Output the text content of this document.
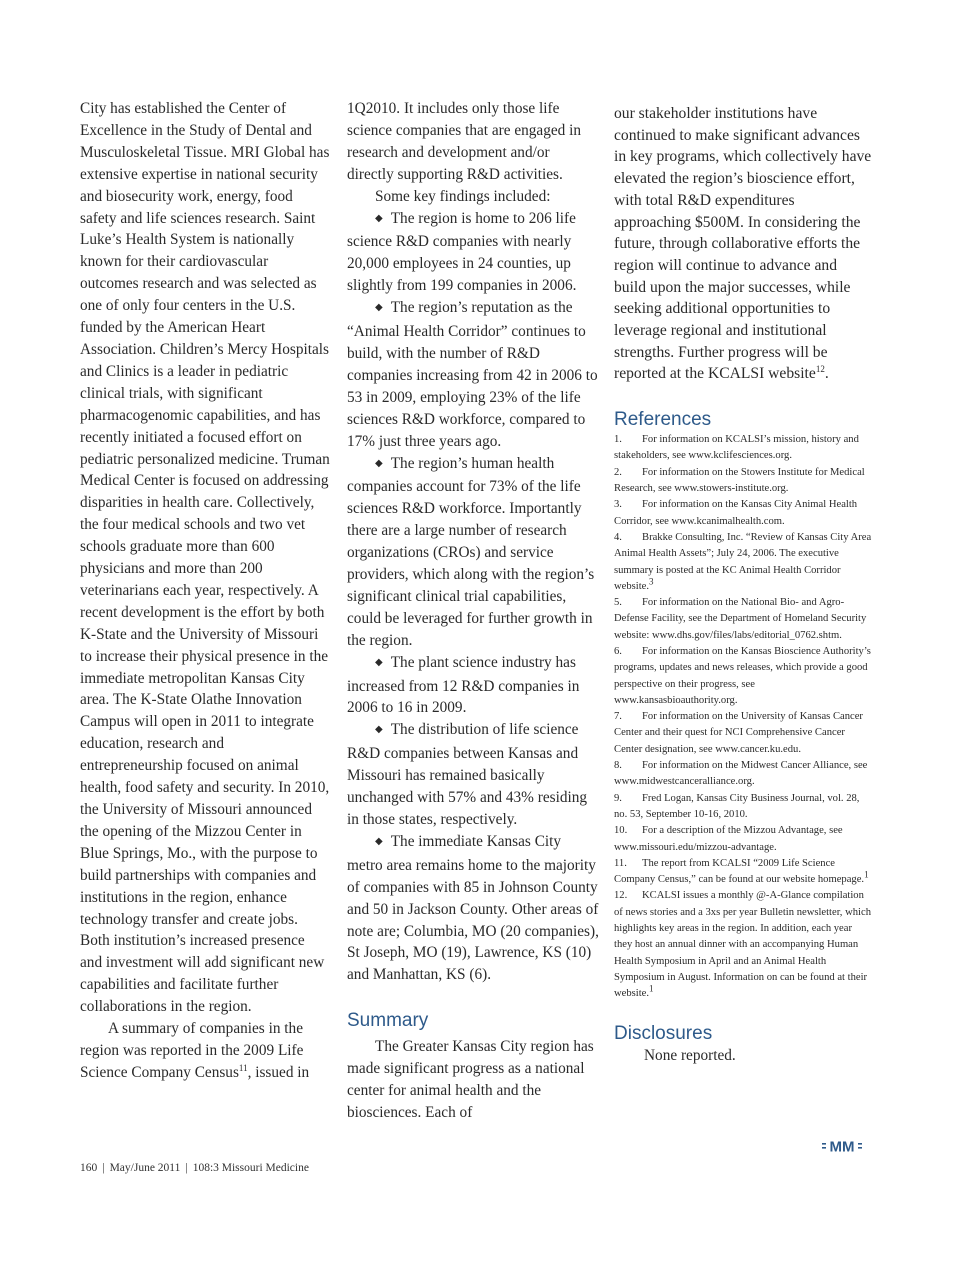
City has established the Center of Excellence in the Study of Dental and Musculoskeletal Tissue. MRI Global has extensive expertise in national security and biosecurity work, energy, food safety and life sciences research. Saint Luke’s Health System is nationally known for their cardiovascular outcomes research and was selected as one of only four centers in the U.S. funded by the American Heart Association. Children’s Mercy Hospitals and Clinics is a leader in pediatric clinical trials, with significant pharmacogenomic capabilities, and has recently initiated a focused effort on pediatric personalized medicine. Truman Medical Center is focused on addressing disparities in health care. Collectively, the four medical schools and two vet schools graduate more than 600 physicians and more than 200 veterinarians each year, respectively. A recent development is the effort by both K-State and the University of Missouri to increase their physical presence in the immediate metropolitan Kansas City area. The K-State Olathe Innovation Campus will open in 2011 to integrate education, research and entrepreneurship focused on animal health, food safety and security. In 2010, the University of Missouri announced the opening of the Mizzou Center in Blue Springs, Mo., with the purpose to build partnerships with companies and institutions in the region, enhance technology transfer and create jobs. Both institution’s increased presence and investment will add significant new capabilities and facilitate further collaborations in the region.

A summary of companies in the region was reported in the 2009 Life Science Company Census$^{11}$, issued in

1Q2010. It includes only those life science companies that are engaged in research and development and/or directly supporting R&D activities.

Some key findings included:

◆ The region is home to 206 life science R&D companies with nearly 20,000 employees in 24 counties, up slightly from 199 companies in 2006.

◆ The region’s reputation as the “Animal Health Corridor” continues to build, with the number of R&D companies increasing from 42 in 2006 to 53 in 2009, employing 23% of the life sciences R&D workforce, compared to 17% just three years ago.

◆ The region’s human health companies account for 73% of the life sciences R&D workforce. Importantly there are a large number of research organizations (CROs) and service providers, which along with the region’s significant clinical trial capabilities, could be leveraged for further growth in the region.

◆ The plant science industry has increased from 12 R&D companies in 2006 to 16 in 2009.

◆ The distribution of life science R&D companies between Kansas and Missouri has remained basically unchanged with 57% and 43% residing in those states, respectively.

◆ The immediate Kansas City metro area remains home to the majority of companies with 85 in Johnson County and 50 in Jackson County. Other areas of note are; Columbia, MO (20 companies), St Joseph, MO (19), Lawrence, KS (10) and Manhattan, KS (6).

Summary

The Greater Kansas City region has made significant progress as a national center for animal health and the biosciences. Each of

our stakeholder institutions have continued to make significant advances in key programs, which collectively have elevated the region’s bioscience effort, with total R&D expenditures approaching $500M. In considering the future, through collaborative efforts the region will continue to advance and build upon the major successes, while seeking additional opportunities to leverage regional and institutional strengths. Further progress will be reported at the KCALSI website$^{12}$.

References
1. For information on KCALSI’s mission, history and stakeholders, see www.kclifesciences.org.
2. For information on the Stowers Institute for Medical Research, see www.stowers-institute.org.
3. For information on the Kansas City Animal Health Corridor, see www.kcanimalhealth.com.
4. Brakke Consulting, Inc. “Review of Kansas City Area Animal Health Assets”; July 24, 2006. The executive summary is posted at the KC Animal Health Corridor website.$^3$
5. For information on the National Bio- and Agro-Defense Facility, see the Department of Homeland Security website: www.dhs.gov/files/labs/editorial_0762.shtm.
6. For information on the Kansas Bioscience Authority’s programs, updates and news releases, which provide a good perspective on their progress, see www.kansasbioauthority.org.
7. For information on the University of Kansas Cancer Center and their quest for NCI Comprehensive Cancer Center designation, see www.cancer.ku.edu.
8. For information on the Midwest Cancer Alliance, see www.midwestcanceralliance.org.
9. Fred Logan, Kansas City Business Journal, vol. 28, no. 53, September 10-16, 2010.
10. For a description of the Mizzou Advantage, see www.missouri.edu/mizzou-advantage.
11. The report from KCALSI “2009 Life Science Company Census,” can be found at our website homepage.$^1$
12. KCALSI issues a monthly @-A-Glance compilation of news stories and a 3xs per year Bulletin newsletter, which highlights key areas in the region. In addition, each year they host an annual dinner with an accompanying Human Health Symposium in April and an Animal Health Symposium in August. Information on can be found at their website.$^1$
Disclosures
None reported.
160 | May/June 2011 | 108:3 Missouri Medicine
MM
